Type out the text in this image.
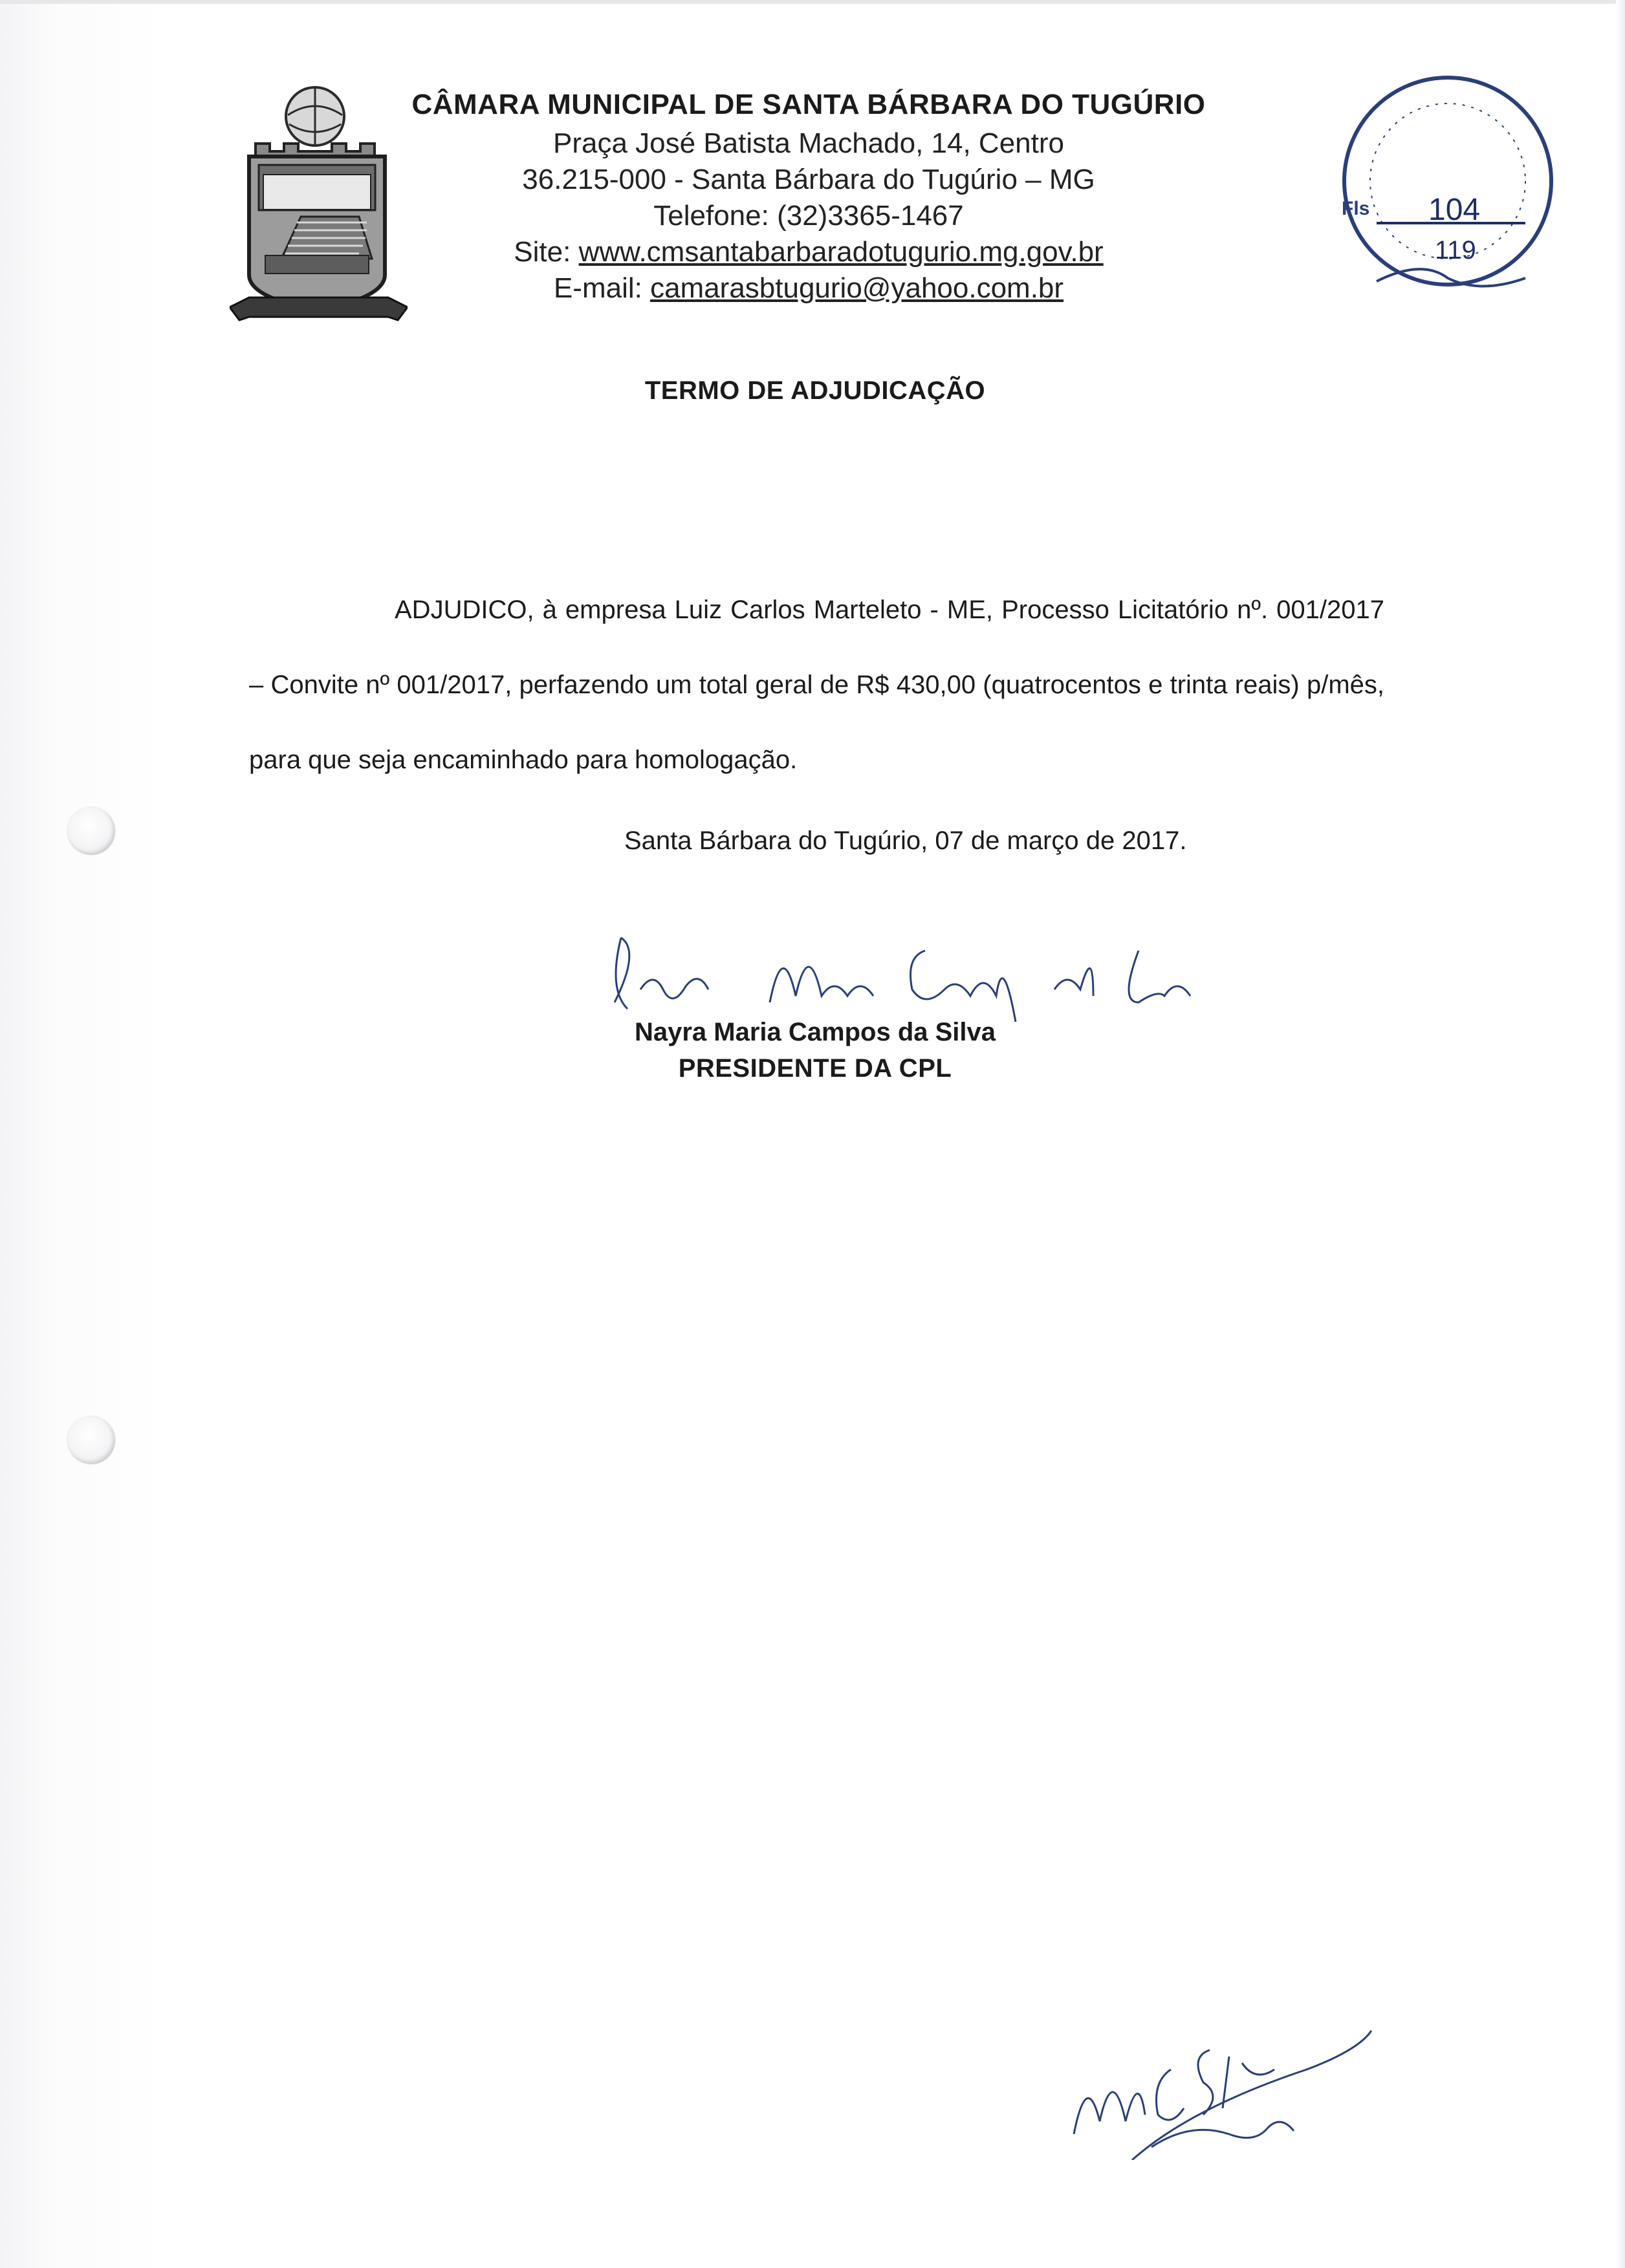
Fls 104
119
CÂMARA MUNICIPAL DE SANTA BÁRBARA DO TUGÚRIO
Praça José Batista Machado, 14, Centro
36.215-000 - Santa Bárbara do Tugúrio – MG
Telefone: (32)3365-1467
Site: www.cmsantabarbaradotugurio.mg.gov.br
E-mail: camarasbtugurio@yahoo.com.br
TERMO DE ADJUDICAÇÃO
ADJUDICO, à empresa Luiz Carlos Marteleto - ME, Processo Licitatório nº. 001/2017 – Convite nº 001/2017, perfazendo um total geral de R$ 430,00 (quatrocentos e trinta reais) p/mês, para que seja encaminhado para homologação.
Santa Bárbara do Tugúrio, 07 de março de 2017.
Nayra Maria Campos da Silva
PRESIDENTE DA CPL
